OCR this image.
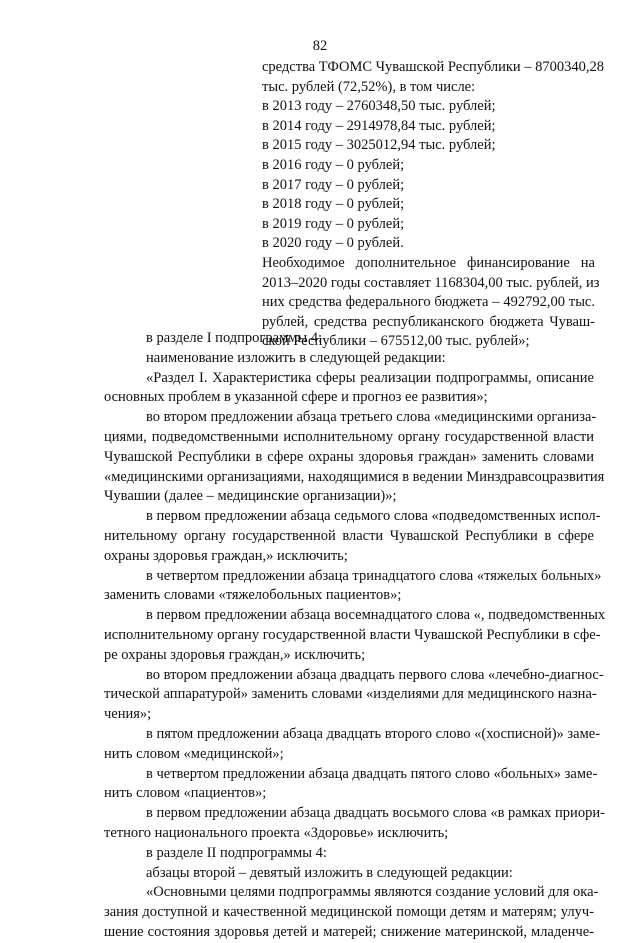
82
средства ТФОМС Чувашской Республики – 8700340,28
тыс. рублей (72,52%), в том числе:
в 2013 году – 2760348,50 тыс. рублей;
в 2014 году – 2914978,84 тыс. рублей;
в 2015 году – 3025012,94 тыс. рублей;
в 2016 году – 0 рублей;
в 2017 году – 0 рублей;
в 2018 году – 0 рублей;
в 2019 году – 0 рублей;
в 2020 году – 0 рублей.
Необходимое дополнительное финансирование на
2013–2020 годы составляет 1168304,00 тыс. рублей, из
них средства федерального бюджета – 492792,00 тыс.
рублей, средства республиканского бюджета Чуваш-
ской Республики – 675512,00 тыс. рублей»;
в разделе I подпрограммы 4:
наименование изложить в следующей редакции:
«Раздел I. Характеристика сферы реализации подпрограммы, описание
основных проблем в указанной сфере и прогноз ее развития»;
во втором предложении абзаца третьего слова «медицинскими организа-
циями, подведомственными исполнительному органу государственной власти
Чувашской Республики в сфере охраны здоровья граждан» заменить словами
«медицинскими организациями, находящимися в ведении Минздравсоцразвития
Чувашии (далее – медицинские организации)»;
в первом предложении абзаца седьмого слова «подведомственных испол-
нительному органу государственной власти Чувашской Республики в сфере
охраны здоровья граждан,» исключить;
в четвертом предложении абзаца тринадцатого слова «тяжелых больных»
заменить словами «тяжелобольных пациентов»;
в первом предложении абзаца восемнадцатого слова «, подведомственных
исполнительному органу государственной власти Чувашской Республики в сфе-
ре охраны здоровья граждан,» исключить;
во втором предложении абзаца двадцать первого слова «лечебно-диагнос-
тической аппаратурой» заменить словами «изделиями для медицинского назна-
чения»;
в пятом предложении абзаца двадцать второго слово «(хосписной)» заме-
нить словом «медицинской»;
в четвертом предложении абзаца двадцать пятого слово «больных» заме-
нить словом «пациентов»;
в первом предложении абзаца двадцать восьмого слова «в рамках приори-
тетного национального проекта «Здоровье» исключить;
в разделе II подпрограммы 4:
абзацы второй – девятый изложить в следующей редакции:
«Основными целями подпрограммы являются создание условий для ока-
зания доступной и качественной медицинской помощи детям и матерям; улуч-
шение состояния здоровья детей и матерей; снижение материнской, младенче-
